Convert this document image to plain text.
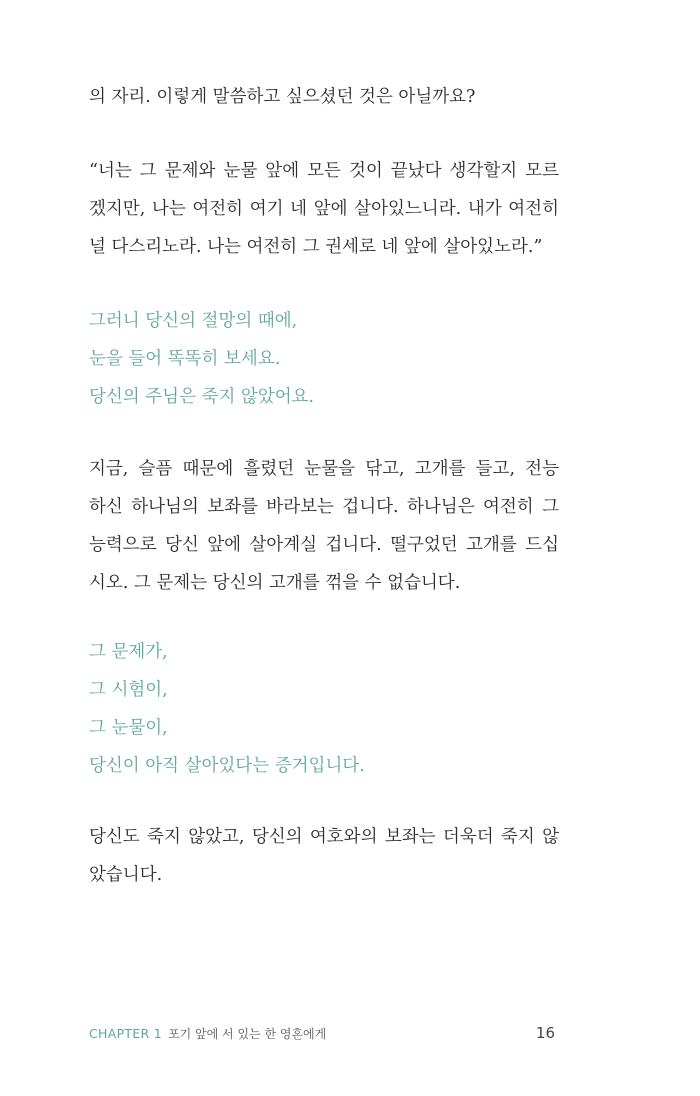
의 자리. 이렇게 말씀하고 싶으셨던 것은 아닐까요?
“너는 그 문제와 눈물 앞에 모든 것이 끝났다 생각할지 모르
겠지만, 나는 여전히 여기 네 앞에 살아있느니라. 내가 여전히
널 다스리노라. 나는 여전히 그 권세로 네 앞에 살아있노라.”
그러니 당신의 절망의 때에,
눈을 들어 똑똑히 보세요.
당신의 주님은 죽지 않았어요.
지금, 슬픔 때문에 흘렸던 눈물을 닦고, 고개를 들고, 전능
하신 하나님의 보좌를 바라보는 겁니다. 하나님은 여전히 그
능력으로 당신 앞에 살아계실 겁니다. 떨구었던 고개를 드십
시오. 그 문제는 당신의 고개를 꺾을 수 없습니다.
그 문제가,
그 시험이,
그 눈물이,
당신이 아직 살아있다는 증거입니다.
당신도 죽지 않았고, 당신의 여호와의 보좌는 더욱더 죽지 않
았습니다.
CHAPTER 1 포기 앞에 서 있는 한 영혼에게	16
